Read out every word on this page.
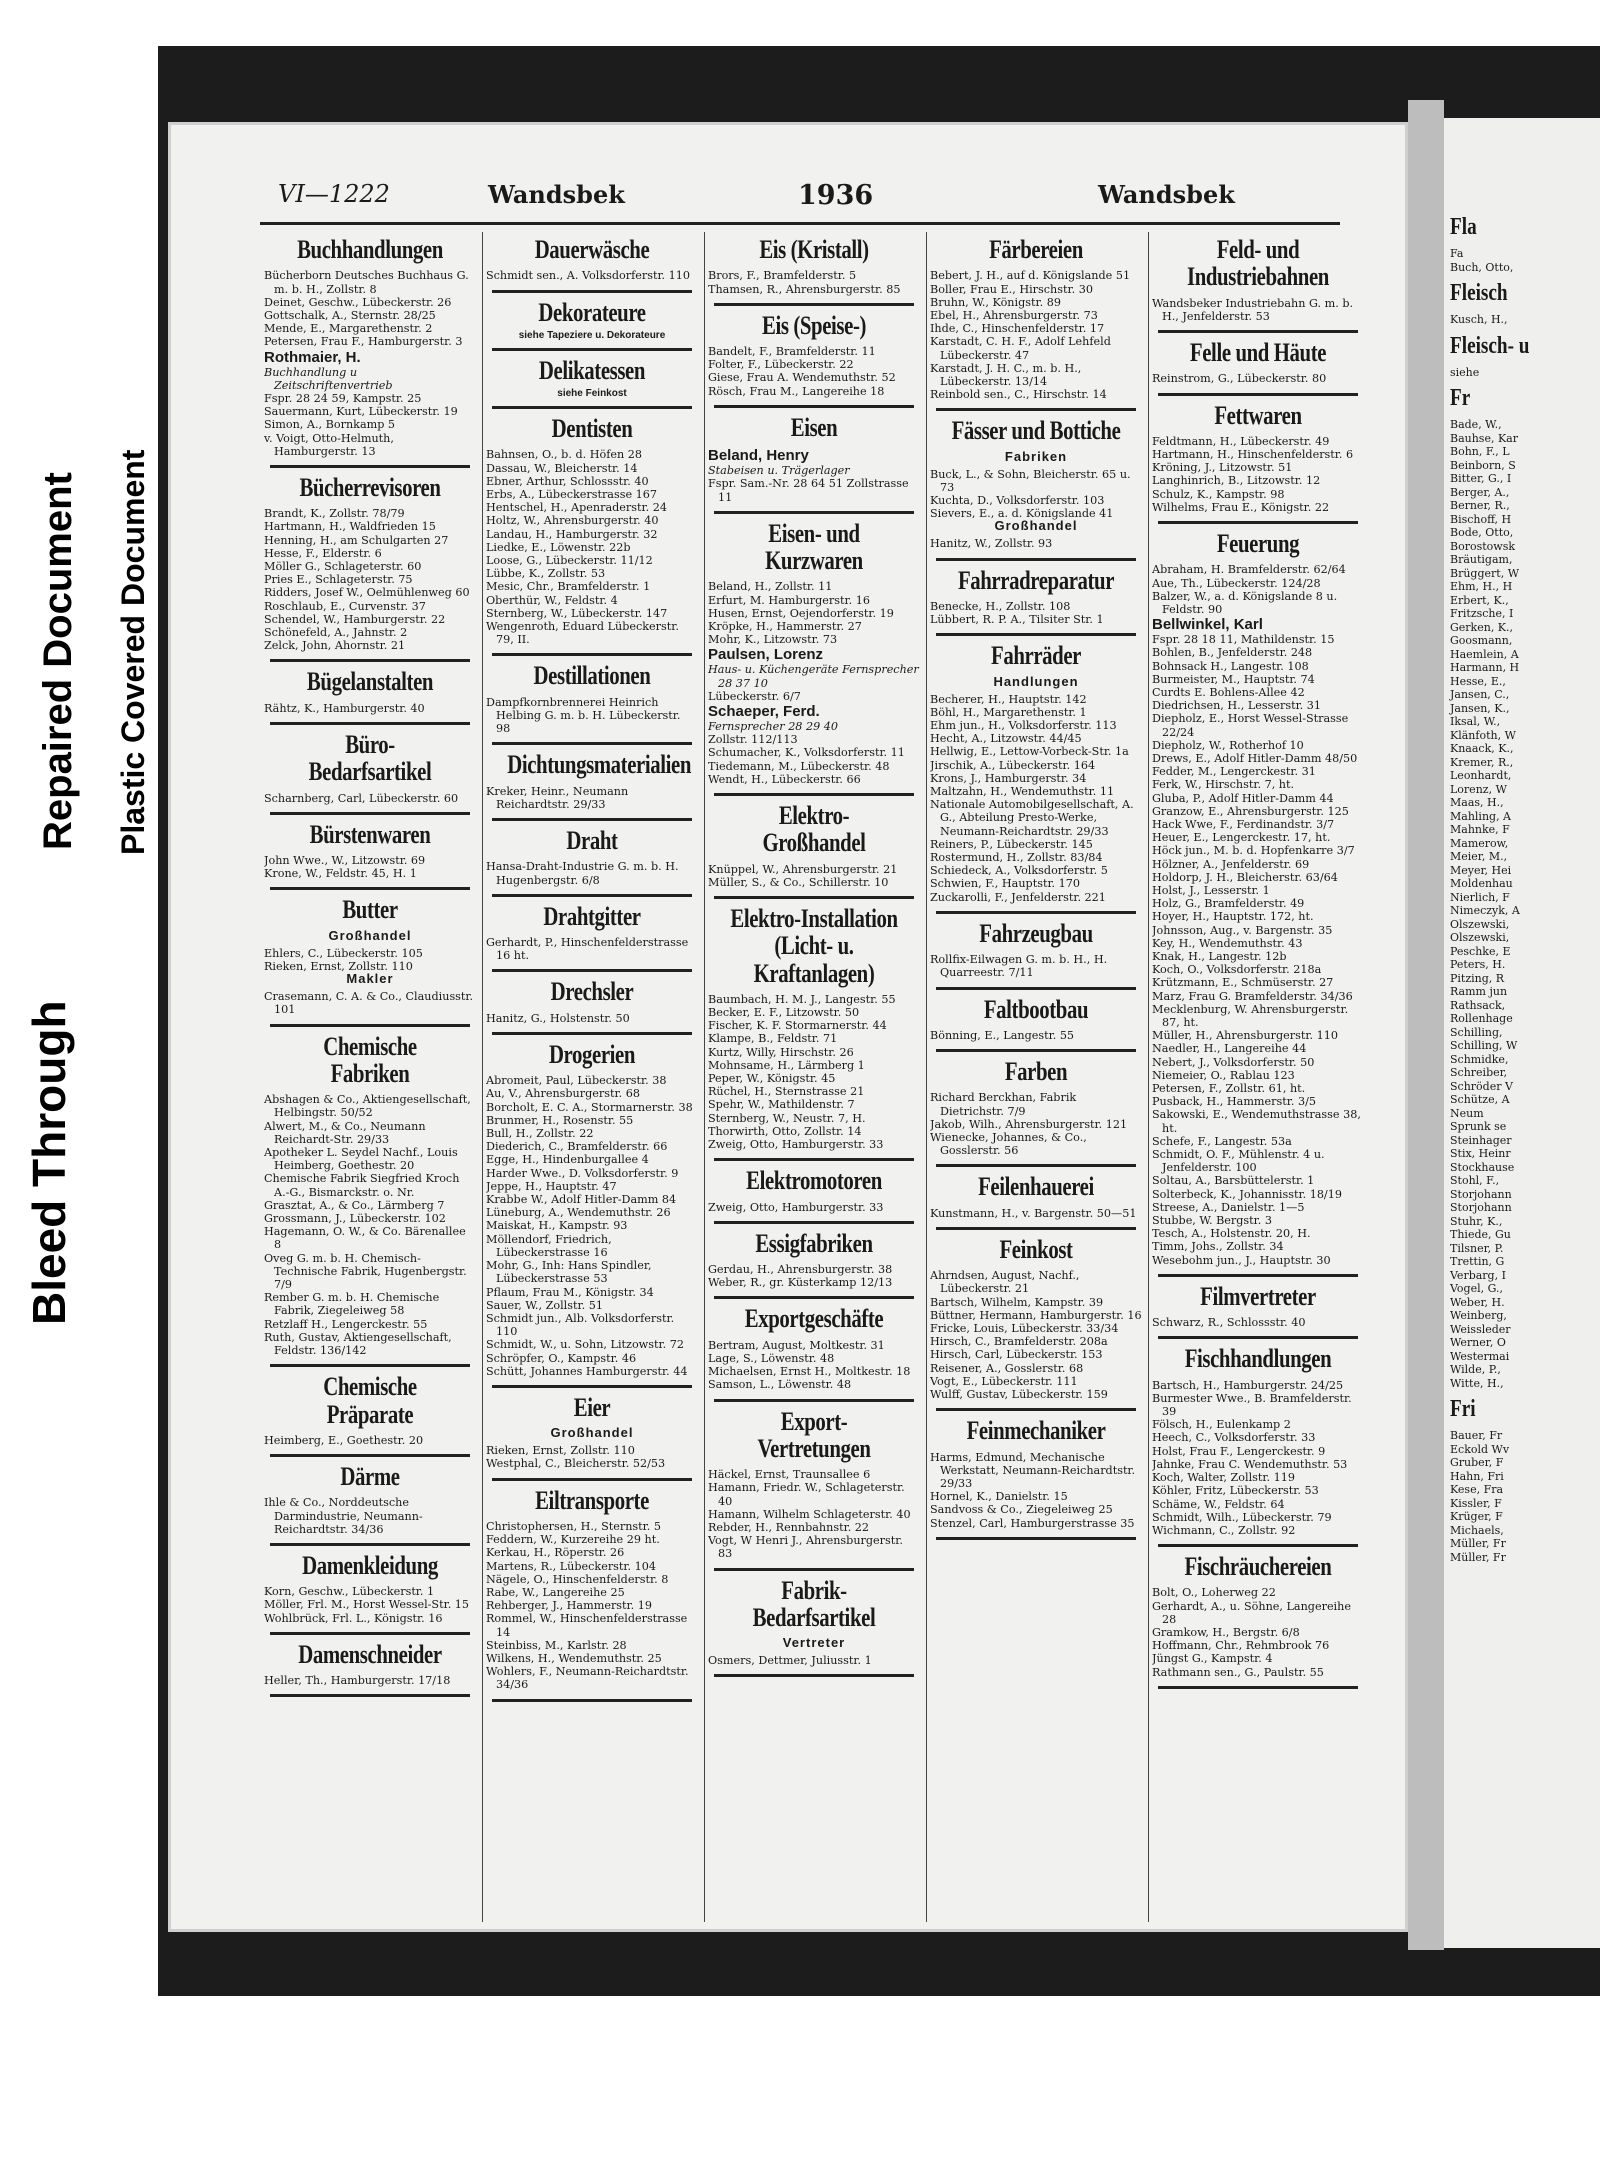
Bleed Through
Repaired Document Plastic Covered Document
Fla
Fa
Buch, Otto,
Fleisch
Kusch, H.,
Fleisch- u
siehe
Fr
Bade, W.,
Bauhse, Kar
Bohn, F., L
Beinborn, S
Bitter, G., I
Berger, A.,
Berner, R.,
Bischoff, H
Bode, Otto,
Borostowsk
Bräutigam,
Brüggert, W
Ehm, H., H
Erbert, K.,
Fritzsche, I
Gerken, K.,
Goosmann,
Haemlein, A
Harmann, H
Hesse, E.,
Jansen, C.,
Jansen, K.,
Iksal, W.,
Klänfoth, W
Knaack, K.,
Kremer, R.,
Leonhardt,
Lorenz, W
Maas, H.,
Mahling, A
Mahnke, F
Mamerow,
Meier, M.,
Meyer, Hei
Moldenhau
Nierlich, F
Nimeczyk, A
Olszewski,
Olszewski,
Peschke, E
Peters, H.
Pitzing, R
Ramm jun
Rathsack,
Rollenhage
Schilling,
Schilling, W
Schmidke,
Schreiber,
Schröder V
Schütze, A
Neum
Sprunk se
Steinhager
Stix, Heinr
Stockhause
Stohl, F.,
Storjohann
Storjohann
Stuhr, K.,
Thiede, Gu
Tilsner, P.
Trettin, G
Verbarg, I
Vogel, G.,
Weber, H.
Weinberg,
Weissleder
Werner, O
Westermai
Wilde, P.,
Witte, H.,
Fri
Bauer, Fr
Eckold Wv
Gruber, F
Hahn, Fri
Kese, Fra
Kissler, F
Krüger, F
Michaels,
Müller, Fr
Müller, Fr
VI—1222	Wandsbek	1936	Wandsbek
Buchhandlungen
Bücherborn Deutsches Buchhaus G. m. b. H., Zollstr. 8
Deinet, Geschw., Lübeckerstr. 26
Gottschalk, A., Sternstr. 28/25
Mende, E., Margarethenstr. 2
Petersen, Frau F., Hamburgerstr. 3
Rothmaier, H.
Buchhandlung u Zeitschriftenvertrieb
Fspr. 28 24 59, Kampstr. 25
Sauermann, Kurt, Lübeckerstr. 19
Simon, A., Bornkamp 5
v. Voigt, Otto-Helmuth, Hamburgerstr. 13
Bücherrevisoren
Brandt, K., Zollstr. 78/79
Hartmann, H., Waldfrieden 15
Henning, H., am Schulgarten 27
Hesse, F., Elderstr. 6
Möller G., Schlageterstr. 60
Pries E., Schlageterstr. 75
Ridders, Josef W., Oelmühlenweg 60
Roschlaub, E., Curvenstr. 37
Schendel, W., Hamburgerstr. 22
Schönefeld, A., Jahnstr. 2
Zelck, John, Ahornstr. 21
Bügelanstalten
Rähtz, K., Hamburgerstr. 40
Büro-Bedarfsartikel
Scharnberg, Carl, Lübeckerstr. 60
Bürstenwaren
John Wwe., W., Litzowstr. 69
Krone, W., Feldstr. 45, H. 1
Butter
Großhandel
Ehlers, C., Lübeckerstr. 105
Rieken, Ernst, Zollstr. 110
Makler
Crasemann, C. A. & Co., Claudiusstr. 101
Chemische Fabriken
Abshagen & Co., Aktiengesellschaft, Helbingstr. 50/52
Alwert, M., & Co., Neumann Reichardt-Str. 29/33
Apotheker L. Seydel Nachf., Louis Heimberg, Goethestr. 20
Chemische Fabrik Siegfried Kroch A.-G., Bismarckstr. o. Nr.
Grasztat, A., & Co., Lärmberg 7
Grossmann, J., Lübeckerstr. 102
Hagemann, O. W., & Co. Bärenallee 8
Oveg G. m. b. H. Chemisch-Technische Fabrik, Hugenbergstr. 7/9
Rember G. m. b. H. Chemische Fabrik, Ziegeleiweg 58
Retzlaff H., Lengerckestr. 55
Ruth, Gustav, Aktiengesellschaft, Feldstr. 136/142
Chemische Präparate
Heimberg, E., Goethestr. 20
Därme
Ihle & Co., Norddeutsche Darmindustrie, Neumann-Reichardtstr. 34/36
Damenkleidung
Korn, Geschw., Lübeckerstr. 1
Möller, Frl. M., Horst Wessel-Str. 15
Wohlbrück, Frl. L., Königstr. 16
Damenschneider
Heller, Th., Hamburgerstr. 17/18
Dauerwäsche
Schmidt sen., A. Volksdorferstr. 110
Dekorateure
siehe Tapeziere u. Dekorateure
Delikatessen
siehe Feinkost
Dentisten
Bahnsen, O., b. d. Höfen 28
Dassau, W., Bleicherstr. 14
Ebner, Arthur, Schlossstr. 40
Erbs, A., Lübeckerstrasse 167
Hentschel, H., Apenraderstr. 24
Holtz, W., Ahrensburgerstr. 40
Landau, H., Hamburgerstr. 32
Liedke, E., Löwenstr. 22b
Loose, G., Lübeckerstr. 11/12
Lübbe, K., Zollstr. 53
Mesic, Chr., Bramfelderstr. 1
Oberthür, W., Feldstr. 4
Sternberg, W., Lübeckerstr. 147
Wengenroth, Eduard Lübeckerstr. 79, II.
Destillationen
Dampfkornbrennerei Heinrich Helbing G. m. b. H. Lübeckerstr. 98
Dichtungsmaterialien
Kreker, Heinr., Neumann Reichardtstr. 29/33
Draht
Hansa-Draht-Industrie G. m. b. H. Hugenbergstr. 6/8
Drahtgitter
Gerhardt, P., Hinschenfelderstrasse 16 ht.
Drechsler
Hanitz, G., Holstenstr. 50
Drogerien
Abromeit, Paul, Lübeckerstr. 38
Au, V., Ahrensburgerstr. 68
Borcholt, E. C. A., Stormarnerstr. 38
Brunmer, H., Rosenstr. 55
Bull, H., Zollstr. 22
Diederich, C., Bramfelderstr. 66
Egge, H., Hindenburgallee 4
Harder Wwe., D. Volksdorferstr. 9
Jeppe, H., Hauptstr. 47
Krabbe W., Adolf Hitler-Damm 84
Lüneburg, A., Wendemuthstr. 26
Maiskat, H., Kampstr. 93
Möllendorf, Friedrich, Lübeckerstrasse 16
Mohr, G., Inh: Hans Spindler, Lübeckerstrasse 53
Pflaum, Frau M., Königstr. 34
Sauer, W., Zollstr. 51
Schmidt jun., Alb. Volksdorferstr. 110
Schmidt, W., u. Sohn, Litzowstr. 72
Schröpfer, O., Kampstr. 46
Schütt, Johannes Hamburgerstr. 44
Eier
Großhandel
Rieken, Ernst, Zollstr. 110
Westphal, C., Bleicherstr. 52/53
Eiltransporte
Christophersen, H., Sternstr. 5
Feddern, W., Kurzereihe 29 ht.
Kerkau, H., Röperstr. 26
Martens, R., Lübeckerstr. 104
Nägele, O., Hinschenfelderstr. 8
Rabe, W., Langereihe 25
Rehberger, J., Hammerstr. 19
Rommel, W., Hinschenfelderstrasse 14
Steinbiss, M., Karlstr. 28
Wilkens, H., Wendemuthstr. 25
Wohlers, F., Neumann-Reichardtstr. 34/36
Eis (Kristall)
Brors, F., Bramfelderstr. 5
Thamsen, R., Ahrensburgerstr. 85
Eis (Speise-)
Bandelt, F., Bramfelderstr. 11
Folter, F., Lübeckerstr. 22
Giese, Frau A. Wendemuthstr. 52
Rösch, Frau M., Langereihe 18
Eisen
Beland, Henry
Stabeisen u. Trägerlager
Fspr. Sam.-Nr. 28 64 51 Zollstrasse 11
Eisen- und Kurzwaren
Beland, H., Zollstr. 11
Erfurt, M. Hamburgerstr. 16
Husen, Ernst, Oejendorferstr. 19
Kröpke, H., Hammerstr. 27
Mohr, K., Litzowstr. 73
Paulsen, Lorenz
Haus- u. Küchengeräte Fernsprecher 28 37 10
Lübeckerstr. 6/7
Schaeper, Ferd.
Fernsprecher 28 29 40
Zollstr. 112/113
Schumacher, K., Volksdorferstr. 11
Tiedemann, M., Lübeckerstr. 48
Wendt, H., Lübeckerstr. 66
Elektro-Großhandel
Knüppel, W., Ahrensburgerstr. 21
Müller, S., & Co., Schillerstr. 10
Elektro-Installation (Licht- u. Kraftanlagen)
Baumbach, H. M. J., Langestr. 55
Becker, E. F., Litzowstr. 50
Fischer, K. F. Stormarnerstr. 44
Klampe, B., Feldstr. 71
Kurtz, Willy, Hirschstr. 26
Mohnsame, H., Lärmberg 1
Peper, W., Königstr. 45
Rüchel, H., Sternstrasse 21
Spehr, W., Mathildenstr. 7
Sternberg, W., Neustr. 7, H.
Thorwirth, Otto, Zollstr. 14
Zweig, Otto, Hamburgerstr. 33
Elektromotoren
Zweig, Otto, Hamburgerstr. 33
Essigfabriken
Gerdau, H., Ahrensburgerstr. 38
Weber, R., gr. Küsterkamp 12/13
Exportgeschäfte
Bertram, August, Moltkestr. 31
Lage, S., Löwenstr. 48
Michaelsen, Ernst H., Moltkestr. 18
Samson, L., Löwenstr. 48
Export-Vertretungen
Häckel, Ernst, Traunsallee 6
Hamann, Friedr. W., Schlageterstr. 40
Hamann, Wilhelm Schlageterstr. 40
Rebder, H., Rennbahnstr. 22
Vogt, W Henri J., Ahrensburgerstr. 83
Fabrik-Bedarfsartikel
Vertreter
Osmers, Dettmer, Juliusstr. 1
Färbereien
Bebert, J. H., auf d. Königslande 51
Boller, Frau E., Hirschstr. 30
Bruhn, W., Königstr. 89
Ebel, H., Ahrensburgerstr. 73
Ihde, C., Hinschenfelderstr. 17
Karstadt, C. H. F., Adolf Lehfeld Lübeckerstr. 47
Karstadt, J. H. C., m. b. H., Lübeckerstr. 13/14
Reinbold sen., C., Hirschstr. 14
Fässer und Bottiche
Fabriken
Buck, L., & Sohn, Bleicherstr. 65 u. 73
Kuchta, D., Volksdorferstr. 103
Sievers, E., a. d. Königslande 41
Großhandel
Hanitz, W., Zollstr. 93
Fahrradreparatur
Benecke, H., Zollstr. 108
Lübbert, R. P. A., Tilsiter Str. 1
Fahrräder
Handlungen
Becherer, H., Hauptstr. 142
Böhl, H., Margarethenstr. 1
Ehm jun., H., Volksdorferstr. 113
Hecht, A., Litzowstr. 44/45
Hellwig, E., Lettow-Vorbeck-Str. 1a
Jirschik, A., Lübeckerstr. 164
Krons, J., Hamburgerstr. 34
Maltzahn, H., Wendemuthstr. 11
Nationale Automobilgesellschaft, A. G., Abteilung Presto-Werke, Neumann-Reichardtstr. 29/33
Reiners, P., Lübeckerstr. 145
Rostermund, H., Zollstr. 83/84
Schiedeck, A., Volksdorferstr. 5
Schwien, F., Hauptstr. 170
Zuckarolli, F., Jenfelderstr. 221
Fahrzeugbau
Rollfix-Eilwagen G. m. b. H., H. Quarreestr. 7/11
Faltbootbau
Bönning, E., Langestr. 55
Farben
Richard Berckhan, Fabrik Dietrichstr. 7/9
Jakob, Wilh., Ahrensburgerstr. 121
Wienecke, Johannes, & Co., Gosslerstr. 56
Feilenhauerei
Kunstmann, H., v. Bargenstr. 50—51
Feinkost
Ahrndsen, August, Nachf., Lübeckerstr. 21
Bartsch, Wilhelm, Kampstr. 39
Büttner, Hermann, Hamburgerstr. 16
Fricke, Louis, Lübeckerstr. 33/34
Hirsch, C., Bramfelderstr. 208a
Hirsch, Carl, Lübeckerstr. 153
Reisener, A., Gosslerstr. 68
Vogt, E., Lübeckerstr. 111
Wulff, Gustav, Lübeckerstr. 159
Feinmechaniker
Harms, Edmund, Mechanische Werkstatt, Neumann-Reichardtstr. 29/33
Hornel, K., Danielstr. 15
Sandvoss & Co., Ziegeleiweg 25
Stenzel, Carl, Hamburgerstrasse 35
Feld- und Industriebahnen
Wandsbeker Industriebahn G. m. b. H., Jenfelderstr. 53
Felle und Häute
Reinstrom, G., Lübeckerstr. 80
Fettwaren
Feldtmann, H., Lübeckerstr. 49
Hartmann, H., Hinschenfelderstr. 6
Kröning, J., Litzowstr. 51
Langhinrich, B., Litzowstr. 12
Schulz, K., Kampstr. 98
Wilhelms, Frau E., Königstr. 22
Feuerung
Abraham, H. Bramfelderstr. 62/64
Aue, Th., Lübeckerstr. 124/28
Balzer, W., a. d. Königslande 8 u. Feldstr. 90
Bellwinkel, Karl
Fspr. 28 18 11, Mathildenstr. 15
Bohlen, B., Jenfelderstr. 248
Bohnsack H., Langestr. 108
Burmeister, M., Hauptstr. 74
Curdts E. Bohlens-Allee 42
Diedrichsen, H., Lesserstr. 31
Diepholz, E., Horst Wessel-Strasse 22/24
Diepholz, W., Rotherhof 10
Drews, E., Adolf Hitler-Damm 48/50
Fedder, M., Lengerckestr. 31
Ferk, W., Hirschstr. 7, ht.
Gluba, P., Adolf Hitler-Damm 44
Granzow, E., Ahrensburgerstr. 125
Hack Wwe, F., Ferdinandstr. 3/7
Heuer, E., Lengerckestr. 17, ht.
Höck jun., M. b. d. Hopfenkarre 3/7
Hölzner, A., Jenfelderstr. 69
Holdorp, J. H., Bleicherstr. 63/64
Holst, J., Lesserstr. 1
Holz, G., Bramfelderstr. 49
Hoyer, H., Hauptstr. 172, ht.
Johnsson, Aug., v. Bargenstr. 35
Key, H., Wendemuthstr. 43
Knak, H., Langestr. 12b
Koch, O., Volksdorferstr. 218a
Krützmann, E., Schmüserstr. 27
Marz, Frau G. Bramfelderstr. 34/36
Mecklenburg, W. Ahrensburgerstr. 87, ht.
Müller, H., Ahrensburgerstr. 110
Naedler, H., Langereihe 44
Nebert, J., Volksdorferstr. 50
Niemeier, O., Rablau 123
Petersen, F., Zollstr. 61, ht.
Pusback, H., Hammerstr. 3/5
Sakowski, E., Wendemuthstrasse 38, ht.
Schefe, F., Langestr. 53a
Schmidt, O. F., Mühlenstr. 4 u. Jenfelderstr. 100
Soltau, A., Barsbüttelerstr. 1
Solterbeck, K., Johannisstr. 18/19
Streese, A., Danielstr. 1—5
Stubbe, W. Bergstr. 3
Tesch, A., Holstenstr. 20, H.
Timm, Johs., Zollstr. 34
Wesebohm jun., J., Hauptstr. 30
Filmvertreter
Schwarz, R., Schlossstr. 40
Fischhandlungen
Bartsch, H., Hamburgerstr. 24/25
Burmester Wwe., B. Bramfelderstr. 39
Fölsch, H., Eulenkamp 2
Heech, C., Volksdorferstr. 33
Holst, Frau F., Lengerckestr. 9
Jahnke, Frau C. Wendemuthstr. 53
Koch, Walter, Zollstr. 119
Köhler, Fritz, Lübeckerstr. 53
Schäme, W., Feldstr. 64
Schmidt, Wilh., Lübeckerstr. 79
Wichmann, C., Zollstr. 92
Fischräuchereien
Bolt, O., Loherweg 22
Gerhardt, A., u. Söhne, Langereihe 28
Gramkow, H., Bergstr. 6/8
Hoffmann, Chr., Rehmbrook 76
Jüngst G., Kampstr. 4
Rathmann sen., G., Paulstr. 55
